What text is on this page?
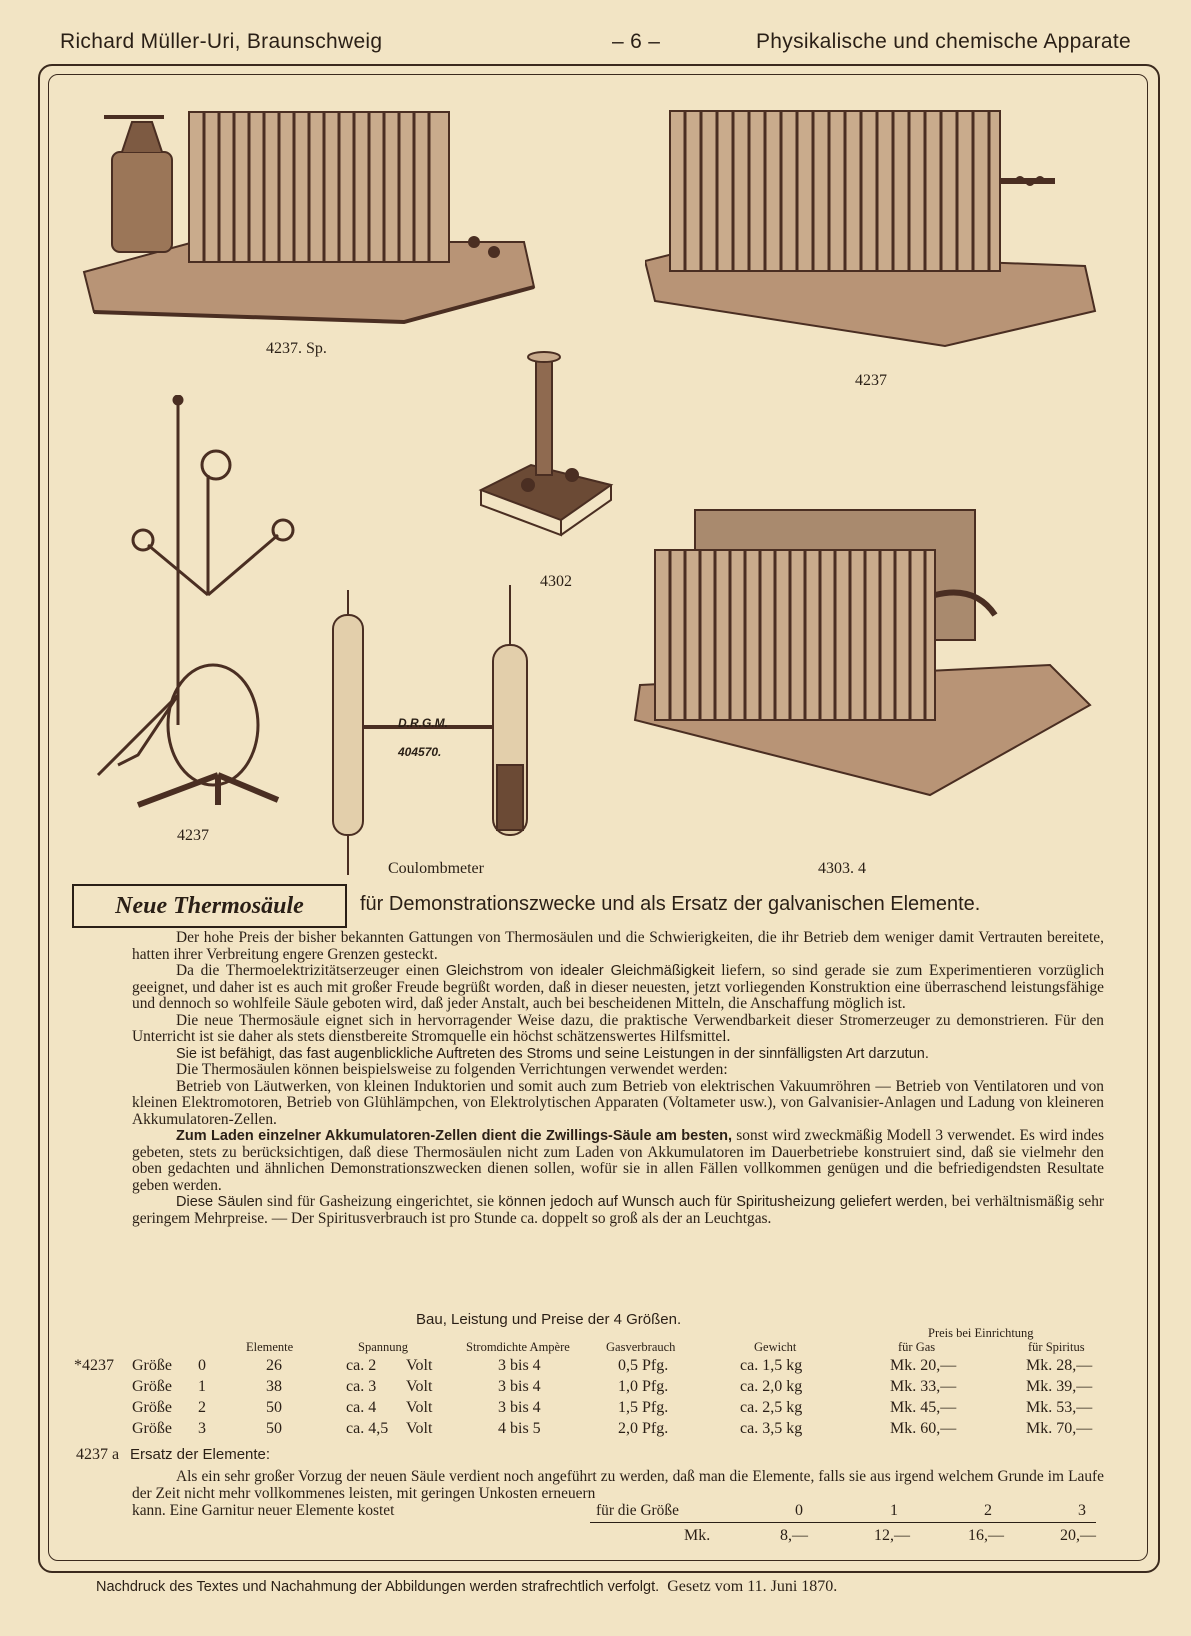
Richard Müller-Uri, Braunschweig	– 6 –	Physikalische und chemische Apparate
4237. Sp.
4237
4302
4237
D.R.G.M.
404570.
Coulombmeter	4303. 4
Neue Thermosäule	für Demonstrationszwecke und als Ersatz der galvanischen Elemente.

Der hohe Preis der bisher bekannten Gattungen von Thermosäulen und die Schwierigkeiten, die ihr Betrieb dem weniger damit Vertrauten bereitete, hatten ihrer Verbreitung engere Grenzen gesteckt.

Da die Thermoelektrizitätserzeuger einen Gleichstrom von idealer Gleichmäßigkeit liefern, so sind gerade sie zum Experimentieren vorzüglich geeignet, und daher ist es auch mit großer Freude begrüßt worden, daß in dieser neuesten, jetzt vorliegenden Konstruktion eine überraschend leistungsfähige und dennoch so wohlfeile Säule geboten wird, daß jeder Anstalt, auch bei bescheidenen Mitteln, die Anschaffung möglich ist.

Die neue Thermosäule eignet sich in hervorragender Weise dazu, die praktische Verwendbarkeit dieser Stromerzeuger zu demonstrieren. Für den Unterricht ist sie daher als stets dienstbereite Stromquelle ein höchst schätzenswertes Hilfsmittel.

Sie ist befähigt, das fast augenblickliche Auftreten des Stroms und seine Leistungen in der sinnfälligsten Art darzutun.

Die Thermosäulen können beispielsweise zu folgenden Verrichtungen verwendet werden:

Betrieb von Läutwerken, von kleinen Induktorien und somit auch zum Betrieb von elektrischen Vakuumröhren — Betrieb von Ventilatoren und von kleinen Elektromotoren, Betrieb von Glühlämpchen, von Elektrolytischen Apparaten (Voltameter usw.), von Galvanisier-Anlagen und Ladung von kleineren Akkumulatoren-Zellen.

Zum Laden einzelner Akkumulatoren-Zellen dient die Zwillings-Säule am besten, sonst wird zweckmäßig Modell 3 verwendet. Es wird indes gebeten, stets zu berücksichtigen, daß diese Thermosäulen nicht zum Laden von Akkumulatoren im Dauerbetriebe konstruiert sind, daß sie vielmehr den oben gedachten und ähnlichen Demonstrationszwecken dienen sollen, wofür sie in allen Fällen vollkommen genügen und die befriedigendsten Resultate geben werden.

Diese Säulen sind für Gasheizung eingerichtet, sie können jedoch auf Wunsch auch für Spiritusheizung geliefert werden, bei verhältnismäßig sehr geringem Mehrpreise. — Der Spiritusverbrauch ist pro Stunde ca. doppelt so groß als der an Leuchtgas.

Bau, Leistung und Preise der 4 Größen.
Preis bei Einrichtung
Elemente	Spannung	Stromdichte Ampère	Gasverbrauch	Gewicht	für Gas	für Spiritus
*4237 Größe 0	26	ca. 2 Volt	3 bis 4	0,5 Pfg.	ca. 1,5 kg	Mk. 20,—	Mk. 28,—
Größe 1	38	ca. 3 Volt	3 bis 4	1,0 Pfg.	ca. 2,0 kg	Mk. 33,—	Mk. 39,—
Größe 2	50	ca. 4 Volt	3 bis 4	1,5 Pfg.	ca. 2,5 kg	Mk. 45,—	Mk. 53,—
Größe 3	50	ca. 4,5 Volt	4 bis 5	2,0 Pfg.	ca. 3,5 kg	Mk. 60,—	Mk. 70,—
4237 a Ersatz der Elemente:

Als ein sehr großer Vorzug der neuen Säule verdient noch angeführt zu werden, daß man die Elemente, falls sie aus irgend welchem Grunde im Laufe der Zeit nicht mehr vollkommenes leisten, mit geringen Unkosten erneuern

kann. Eine Garnitur neuer Elemente kostet	für die Größe	0	1	2	3
Mk.	8,—	12,—	16,—	20,—
Nachdruck des Textes und Nachahmung der Abbildungen werden strafrechtlich verfolgt. Gesetz vom 11. Juni 1870.
